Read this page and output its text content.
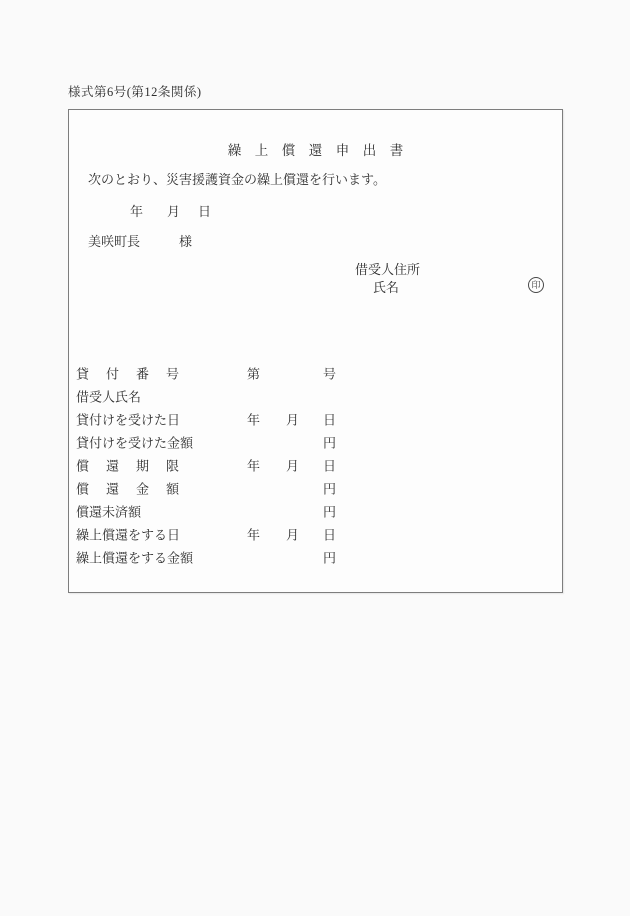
様式第6号(第12条関係)
繰　上　償　還　申　出　書
次のとおり、災害援護資金の繰上償還を行います。
年 月 日
美咲町長	様
借受人住所
氏名	印
貸 付 番 号	第	号
借受人氏名
貸付けを受けた日	年 月 日
貸付けを受けた金額	円
償 還 期 限	年 月 日
償 還 金 額	円
償還未済額	円
繰上償還をする日	年 月 日
繰上償還をする金額	円
